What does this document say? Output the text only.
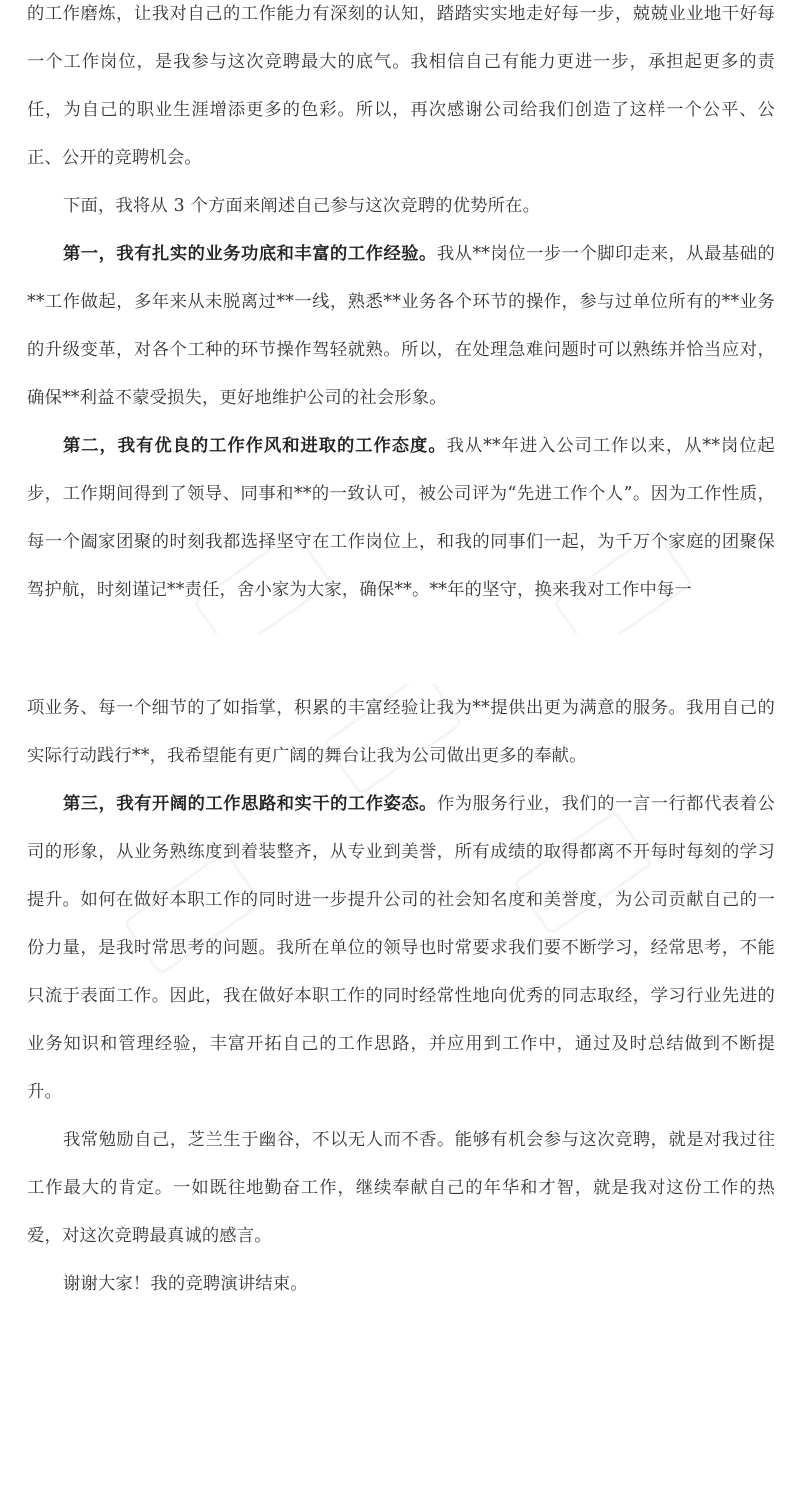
的工作磨炼，让我对自己的工作能力有深刻的认知，踏踏实实地走好每一步，兢兢业业地干好每一个工作岗位，是我参与这次竞聘最大的底气。我相信自己有能力更进一步，承担起更多的责任，为自己的职业生涯增添更多的色彩。所以，再次感谢公司给我们创造了这样一个公平、公正、公开的竞聘机会。

下面，我将从 3 个方面来阐述自己参与这次竞聘的优势所在。

第一，我有扎实的业务功底和丰富的工作经验。我从**岗位一步一个脚印走来，从最基础的**工作做起，多年来从未脱离过**一线，熟悉**业务各个环节的操作，参与过单位所有的**业务的升级变革，对各个工种的环节操作驾轻就熟。所以，在处理急难问题时可以熟练并恰当应对，确保**利益不蒙受损失，更好地维护公司的社会形象。

第二，我有优良的工作作风和进取的工作态度。我从**年进入公司工作以来，从**岗位起步，工作期间得到了领导、同事和**的一致认可，被公司评为“先进工作个人”。因为工作性质，每一个阖家团聚的时刻我都选择坚守在工作岗位上，和我的同事们一起，为千万个家庭的团聚保驾护航，时刻谨记**责任，舍小家为大家，确保**。**年的坚守，换来我对工作中每一

项业务、每一个细节的了如指掌，积累的丰富经验让我为**提供出更为满意的服务。我用自己的实际行动践行**，我希望能有更广阔的舞台让我为公司做出更多的奉献。

第三，我有开阔的工作思路和实干的工作姿态。作为服务行业，我们的一言一行都代表着公司的形象，从业务熟练度到着装整齐，从专业到美誉，所有成绩的取得都离不开每时每刻的学习提升。如何在做好本职工作的同时进一步提升公司的社会知名度和美誉度，为公司贡献自己的一份力量，是我时常思考的问题。我所在单位的领导也时常要求我们要不断学习，经常思考，不能只流于表面工作。因此，我在做好本职工作的同时经常性地向优秀的同志取经，学习行业先进的业务知识和管理经验，丰富开拓自己的工作思路，并应用到工作中，通过及时总结做到不断提升。

我常勉励自己，芝兰生于幽谷，不以无人而不香。能够有机会参与这次竞聘，就是对我过往工作最大的肯定。一如既往地勤奋工作，继续奉献自己的年华和才智，就是我对这份工作的热爱，对这次竞聘最真诚的感言。

谢谢大家！我的竞聘演讲结束。
